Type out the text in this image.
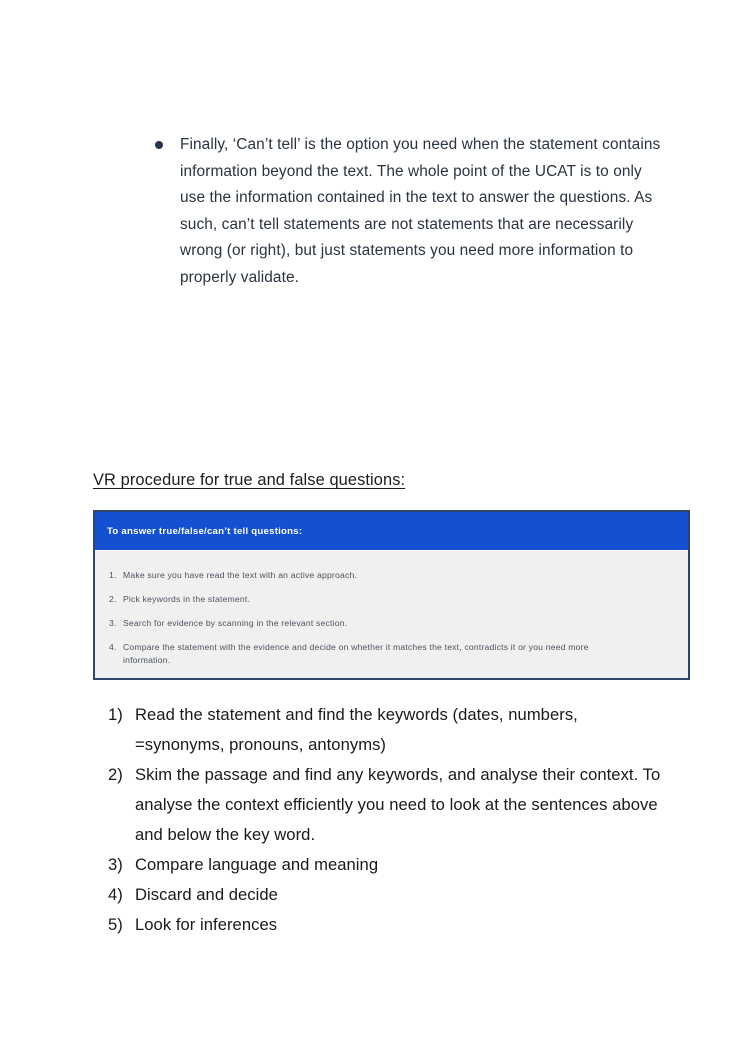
Finally, ‘Can’t tell’ is the option you need when the statement contains information beyond the text. The whole point of the UCAT is to only use the information contained in the text to answer the questions. As such, can’t tell statements are not statements that are necessarily wrong (or right), but just statements you need more information to properly validate.
VR procedure for true and false questions:
To answer true/false/can’t tell questions:
1. Make sure you have read the text with an active approach.
2. Pick keywords in the statement.
3. Search for evidence by scanning in the relevant section.
4. Compare the statement with the evidence and decide on whether it matches the text, contradicts it or you need more information.
1) Read the statement and find the keywords (dates, numbers, =synonyms, pronouns, antonyms)
2) Skim the passage and find any keywords, and analyse their context. To analyse the context efficiently you need to look at the sentences above and below the key word.
3) Compare language and meaning
4) Discard and decide
5) Look for inferences
